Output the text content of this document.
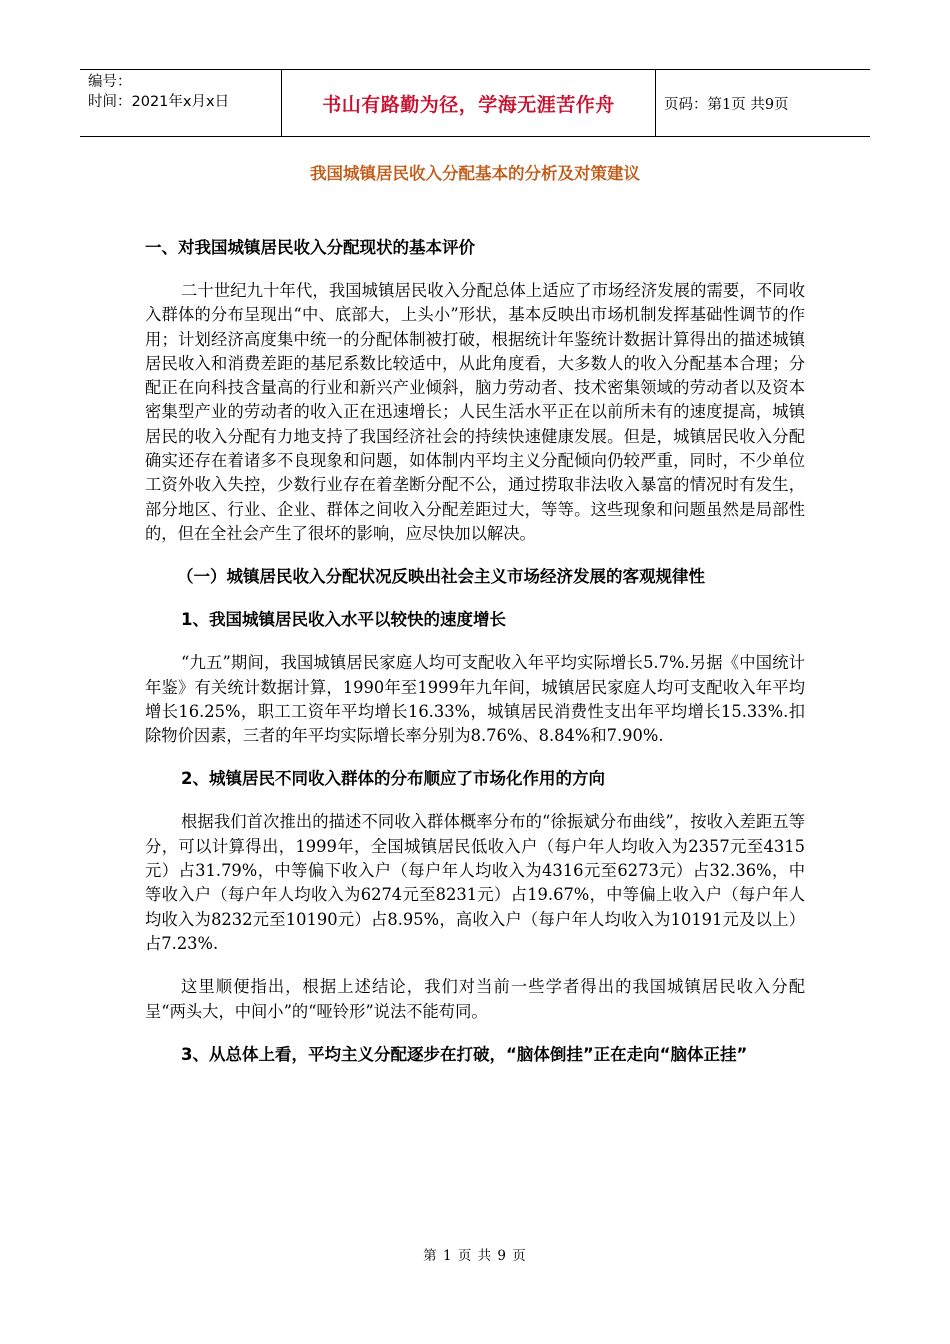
编号：
时间：2021年x月x日	书山有路勤为径，学海无涯苦作舟	页码：第1页 共9页
我国城镇居民收入分配基本的分析及对策建议
一、对我国城镇居民收入分配现状的基本评价

二十世纪九十年代，我国城镇居民收入分配总体上适应了市场经济发展的需要，不同收入群体的分布呈现出“中、底部大，上头小”形状，基本反映出市场机制发挥基础性调节的作用；计划经济高度集中统一的分配体制被打破，根据统计年鉴统计数据计算得出的描述城镇居民收入和消费差距的基尼系数比较适中，从此角度看，大多数人的收入分配基本合理；分配正在向科技含量高的行业和新兴产业倾斜，脑力劳动者、技术密集领域的劳动者以及资本密集型产业的劳动者的收入正在迅速增长；人民生活水平正在以前所未有的速度提高，城镇居民的收入分配有力地支持了我国经济社会的持续快速健康发展。但是，城镇居民收入分配确实还存在着诸多不良现象和问题，如体制内平均主义分配倾向仍较严重，同时，不少单位工资外收入失控，少数行业存在着垄断分配不公，通过捞取非法收入暴富的情况时有发生，部分地区、行业、企业、群体之间收入分配差距过大，等等。这些现象和问题虽然是局部性的，但在全社会产生了很坏的影响，应尽快加以解决。

（一）城镇居民收入分配状况反映出社会主义市场经济发展的客观规律性
1、我国城镇居民收入水平以较快的速度增长

“九五”期间，我国城镇居民家庭人均可支配收入年平均实际增长5.7%.另据《中国统计年鉴》有关统计数据计算，1990年至1999年九年间，城镇居民家庭人均可支配收入年平均增长16.25%，职工工资年平均增长16.33%，城镇居民消费性支出年平均增长15.33%.扣除物价因素，三者的年平均实际增长率分别为8.76%、8.84%和7.90%.

2、城镇居民不同收入群体的分布顺应了市场化作用的方向

根据我们首次推出的描述不同收入群体概率分布的“徐振斌分布曲线”，按收入差距五等分，可以计算得出，1999年，全国城镇居民低收入户（每户年人均收入为2357元至4315元）占31.79%，中等偏下收入户（每户年人均收入为4316元至6273元）占32.36%，中等收入户（每户年人均收入为6274元至8231元）占19.67%，中等偏上收入户（每户年人均收入为8232元至10190元）占8.95%，高收入户（每户年人均收入为10191元及以上）占7.23%.

这里顺便指出，根据上述结论，我们对当前一些学者得出的我国城镇居民收入分配呈“两头大，中间小”的“哑铃形”说法不能苟同。

3、从总体上看，平均主义分配逐步在打破，“脑体倒挂”正在走向“脑体正挂”
第 1 页 共 9 页
